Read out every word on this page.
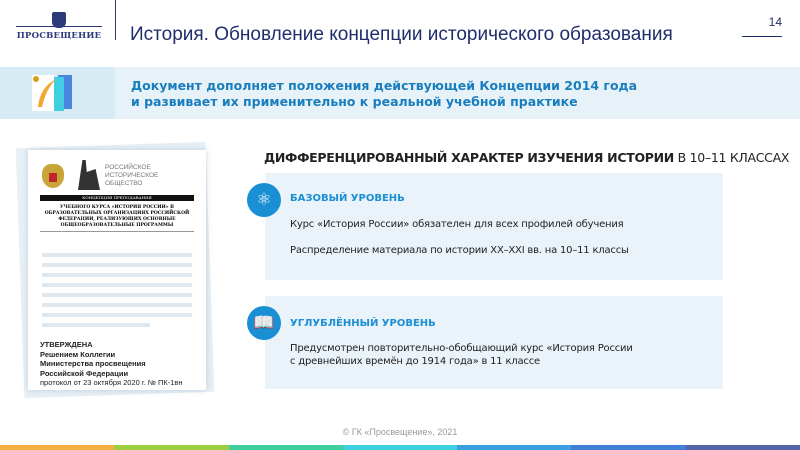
ПРОСВЕЩЕНИЕ История. Обновление концепции исторического образования
14
Документ дополняет положения действующей Концепции 2014 года
и развивает их применительно к реальной учебной практике
РОССИЙСКОЕ ИСТОРИЧЕСКОЕ ОБЩЕСТВО
КОНЦЕПЦИЯ ПРЕПОДАВАНИЯ
УЧЕБНОГО КУРСА «ИСТОРИЯ РОССИИ» В ОБРАЗОВАТЕЛЬНЫХ ОРГАНИЗАЦИЯХ РОССИЙСКОЙ ФЕДЕРАЦИИ, РЕАЛИЗУЮЩИХ ОСНОВНЫЕ ОБЩЕОБРАЗОВАТЕЛЬНЫЕ ПРОГРАММЫ
УТВЕРЖДЕНА
Решением Коллегии
Министерства просвещения
Российской Федерации
протокол от 23 октября 2020 г. № ПК-1вн
ДИФФЕРЕНЦИРОВАННЫЙ ХАРАКТЕР ИЗУЧЕНИЯ ИСТОРИИ В 10–11 КЛАССАХ
⚛	БАЗОВЫЙ УРОВЕНЬ
Курс «История России» обязателен для всех профилей обучения
Распределение материала по истории XX–XXI вв. на 10–11 классы
📖	УГЛУБЛЁННЫЙ УРОВЕНЬ
Предусмотрен повторительно-обобщающий курс «История России
с древнейших времён до 1914 года» в 11 классе
© ГК «Просвещение», 2021
